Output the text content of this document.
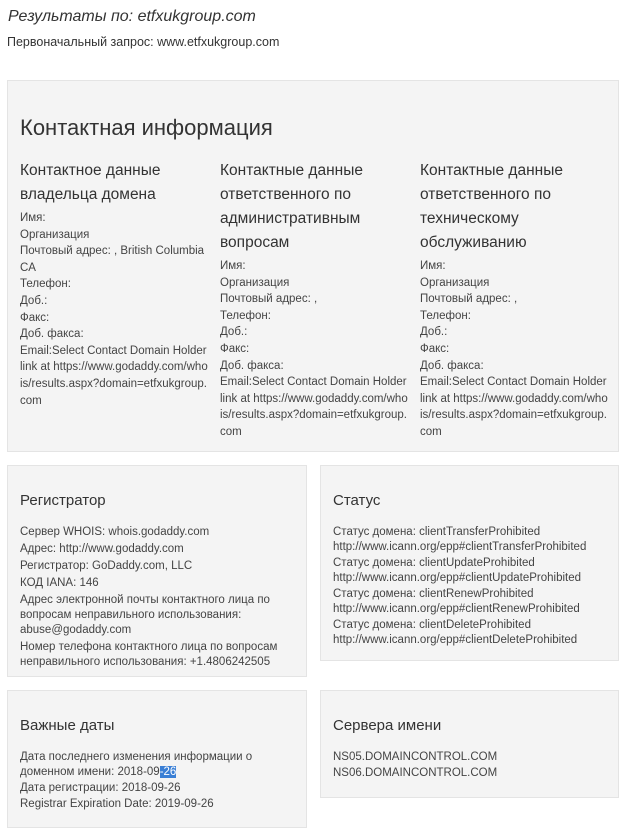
Результаты по: etfxukgroup.com
Первоначальный запрос: www.etfxukgroup.com
Контактная информация
Контактное данные владельца домена
Имя:
Организация
Почтовый адрес: , British Columbia CA
Телефон:
Доб.:
Факс:
Доб. факса:
Email:Select Contact Domain Holder link at https://www.godaddy.com/whois/results.aspx?domain=etfxukgroup.com
Контактные данные ответственного по административным вопросам
Имя:
Организация
Почтовый адрес: ,
Телефон:
Доб.:
Факс:
Доб. факса:
Email:Select Contact Domain Holder link at https://www.godaddy.com/whois/results.aspx?domain=etfxukgroup.com
Контактные данные ответственного по техническому обслуживанию
Имя:
Организация
Почтовый адрес: ,
Телефон:
Доб.:
Факс:
Доб. факса:
Email:Select Contact Domain Holder link at https://www.godaddy.com/whois/results.aspx?domain=etfxukgroup.com
Регистратор
Сервер WHOIS: whois.godaddy.com
Адрес: http://www.godaddy.com
Регистратор: GoDaddy.com, LLC
КОД IANA: 146
Адрес электронной почты контактного лица по вопросам неправильного использования: abuse@godaddy.com
Номер телефона контактного лица по вопросам неправильного использования: +1.4806242505
Статус
Статус домена: clientTransferProhibited http://www.icann.org/epp#clientTransferProhibited
Статус домена: clientUpdateProhibited http://www.icann.org/epp#clientUpdateProhibited
Статус домена: clientRenewProhibited http://www.icann.org/epp#clientRenewProhibited
Статус домена: clientDeleteProhibited http://www.icann.org/epp#clientDeleteProhibited
Важные даты
Дата последнего изменения информации о доменном имени: 2018-09-26
Дата регистрации: 2018-09-26
Registrar Expiration Date: 2019-09-26
Сервера имени
NS05.DOMAINCONTROL.COM
NS06.DOMAINCONTROL.COM
